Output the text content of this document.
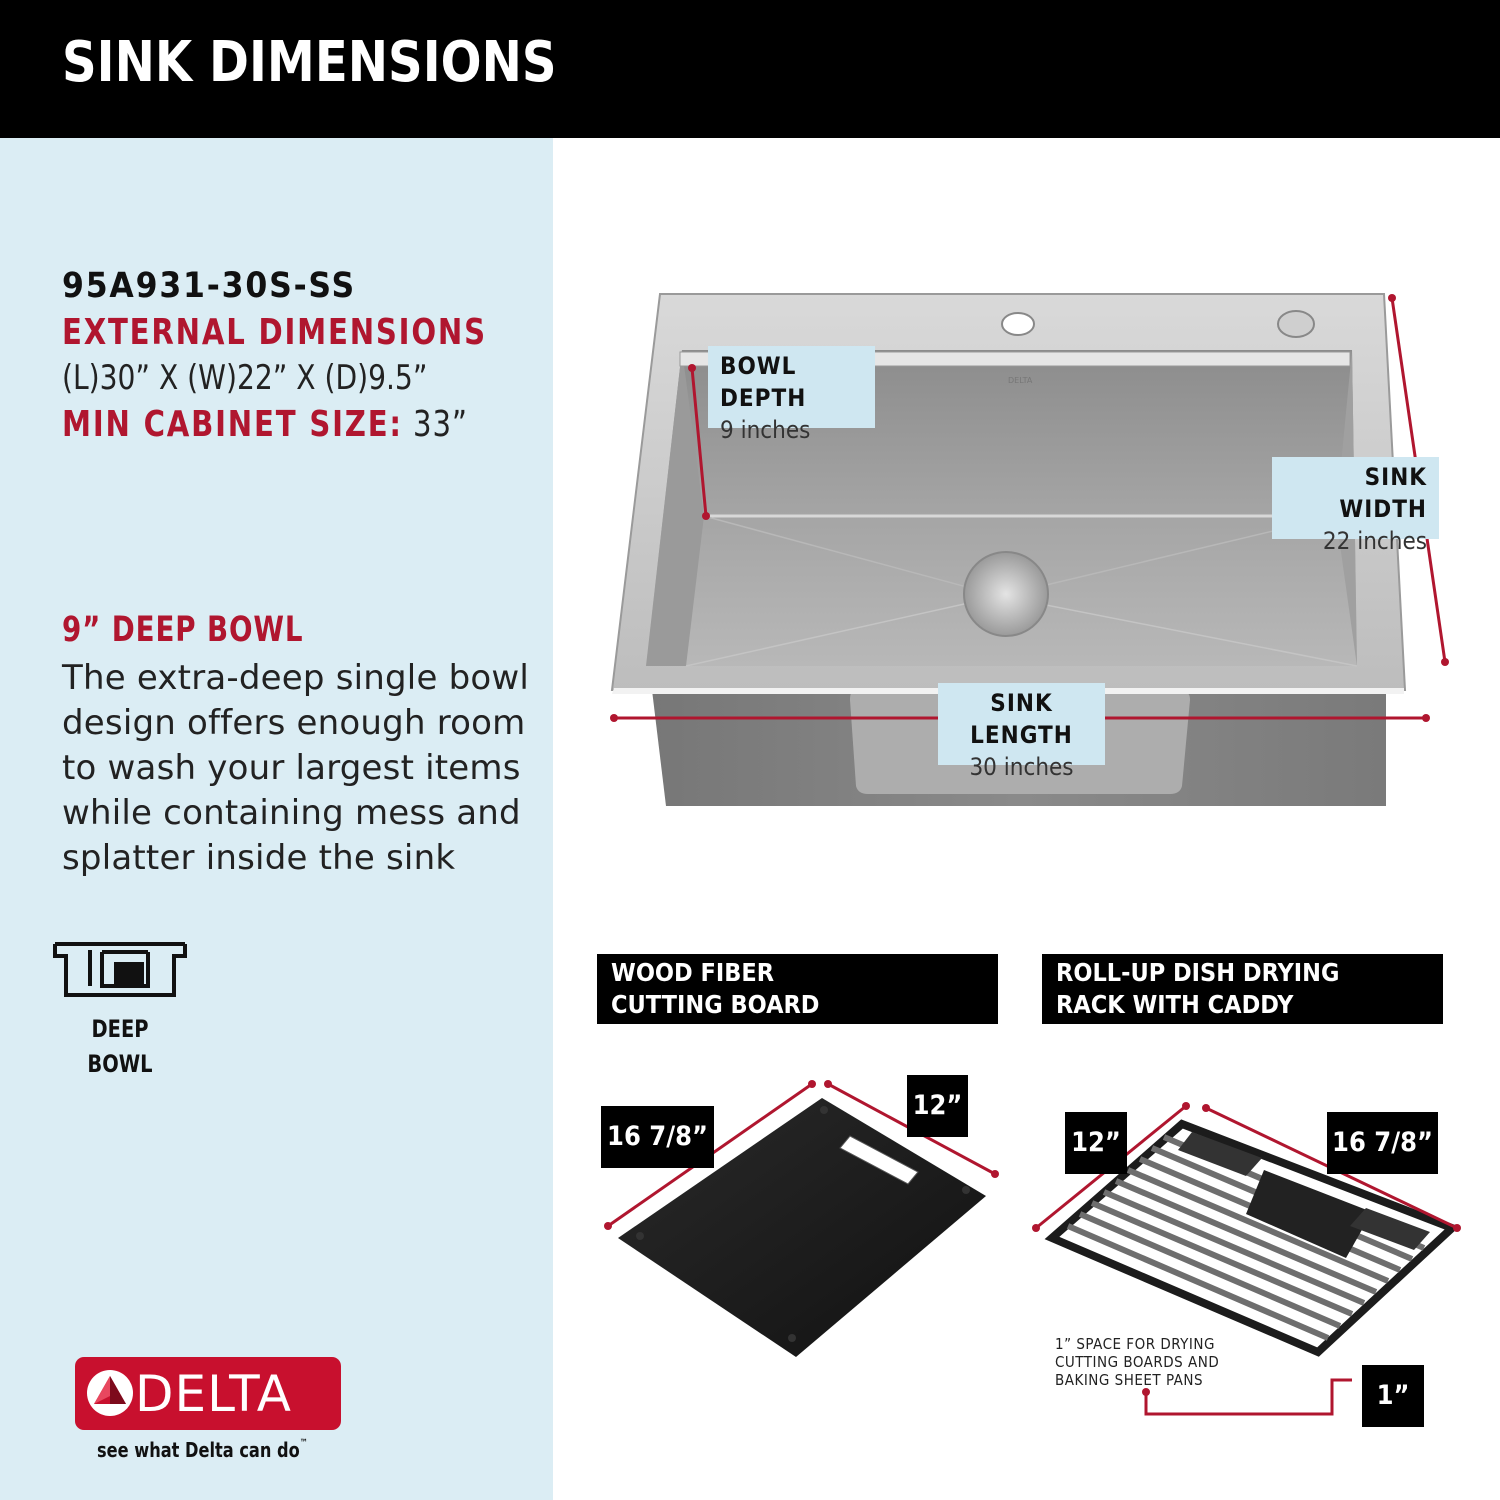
SINK DIMENSIONS

95A931-30S-SS

EXTERNAL DIMENSIONS

(L)30” X (W)22” X (D)9.5”

MIN CABINET SIZE: 33”

9” DEEP BOWL

The extra-deep single bowl design offers enough room to wash your largest items while containing mess and splatter inside the sink

DEEP
BOWL
DELTA
see what Delta can do™
DELTA
BOWL DEPTH
9 inches
SINK WIDTH
22 inches
SINK LENGTH
30 inches
WOOD FIBER
CUTTING BOARD
ROLL-UP DISH DRYING
RACK WITH CADDY
16 7/8”
12”
12”	16 7/8”
1”
1” SPACE FOR DRYING
CUTTING BOARDS AND
BAKING SHEET PANS
